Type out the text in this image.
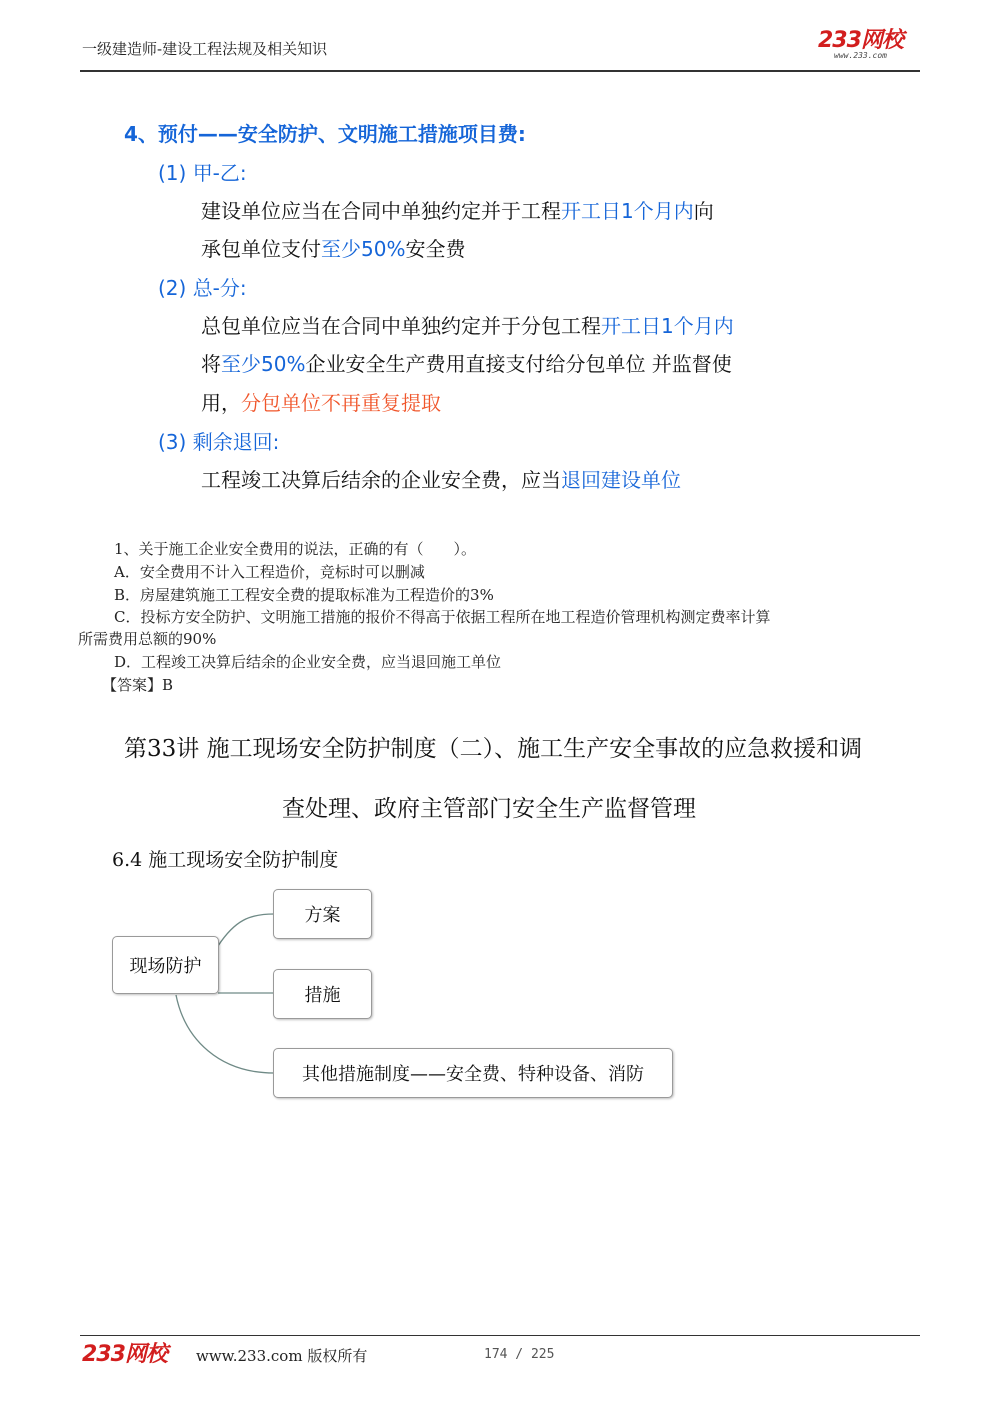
一级建造师-建设工程法规及相关知识	233网校
www.233.com
4、预付——安全防护、文明施工措施项目费:
(1) 甲-乙:
建设单位应当在合同中单独约定并于工程开工日1个月内向
承包单位支付至少50%安全费
(2) 总-分:
总包单位应当在合同中单独约定并于分包工程开工日1个月内
将至少50%企业安全生产费用直接支付给分包单位 并监督使
用，分包单位不再重复提取
(3) 剩余退回:
工程竣工决算后结余的企业安全费，应当退回建设单位
1、关于施工企业安全费用的说法，正确的有（　　）。
A．安全费用不计入工程造价，竞标时可以删减
B．房屋建筑施工工程安全费的提取标准为工程造价的3%
C．投标方安全防护、文明施工措施的报价不得高于依据工程所在地工程造价管理机构测定费率计算
所需费用总额的90%
D．工程竣工决算后结余的企业安全费，应当退回施工单位
【答案】B
第33讲 施工现场安全防护制度（二）、施工生产安全事故的应急救援和调
查处理、政府主管部门安全生产监督管理
6.4 施工现场安全防护制度
现场防护
方案
措施
其他措施制度——安全费、特种设备、消防
233网校 www.233.com 版权所有	174 / 225
